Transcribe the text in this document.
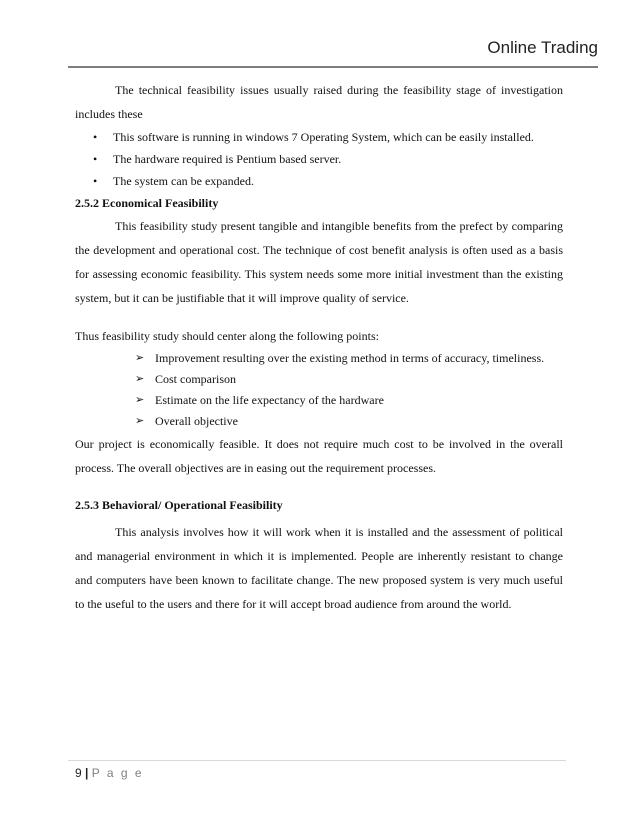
Online Trading

The technical feasibility issues usually raised during the feasibility stage of investigation includes these

• This software is running in windows 7 Operating System, which can be easily installed.
• The hardware required is Pentium based server.
• The system can be expanded.
2.5.2 Economical Feasibility

This feasibility study present tangible and intangible benefits from the prefect by comparing the development and operational cost. The technique of cost benefit analysis is often used as a basis for assessing economic feasibility. This system needs some more initial investment than the existing system, but it can be justifiable that it will improve quality of service.

Thus feasibility study should center along the following points:

➢ Improvement resulting over the existing method in terms of accuracy, timeliness.
➢ Cost comparison
➢ Estimate on the life expectancy of the hardware
➢ Overall objective

Our project is economically feasible. It does not require much cost to be involved in the overall process. The overall objectives are in easing out the requirement processes.

2.5.3 Behavioral/ Operational Feasibility

This analysis involves how it will work when it is installed and the assessment of political and managerial environment in which it is implemented. People are inherently resistant to change and computers have been known to facilitate change. The new proposed system is very much useful to the useful to the users and there for it will accept broad audience from around the world.

9 | P a g e
